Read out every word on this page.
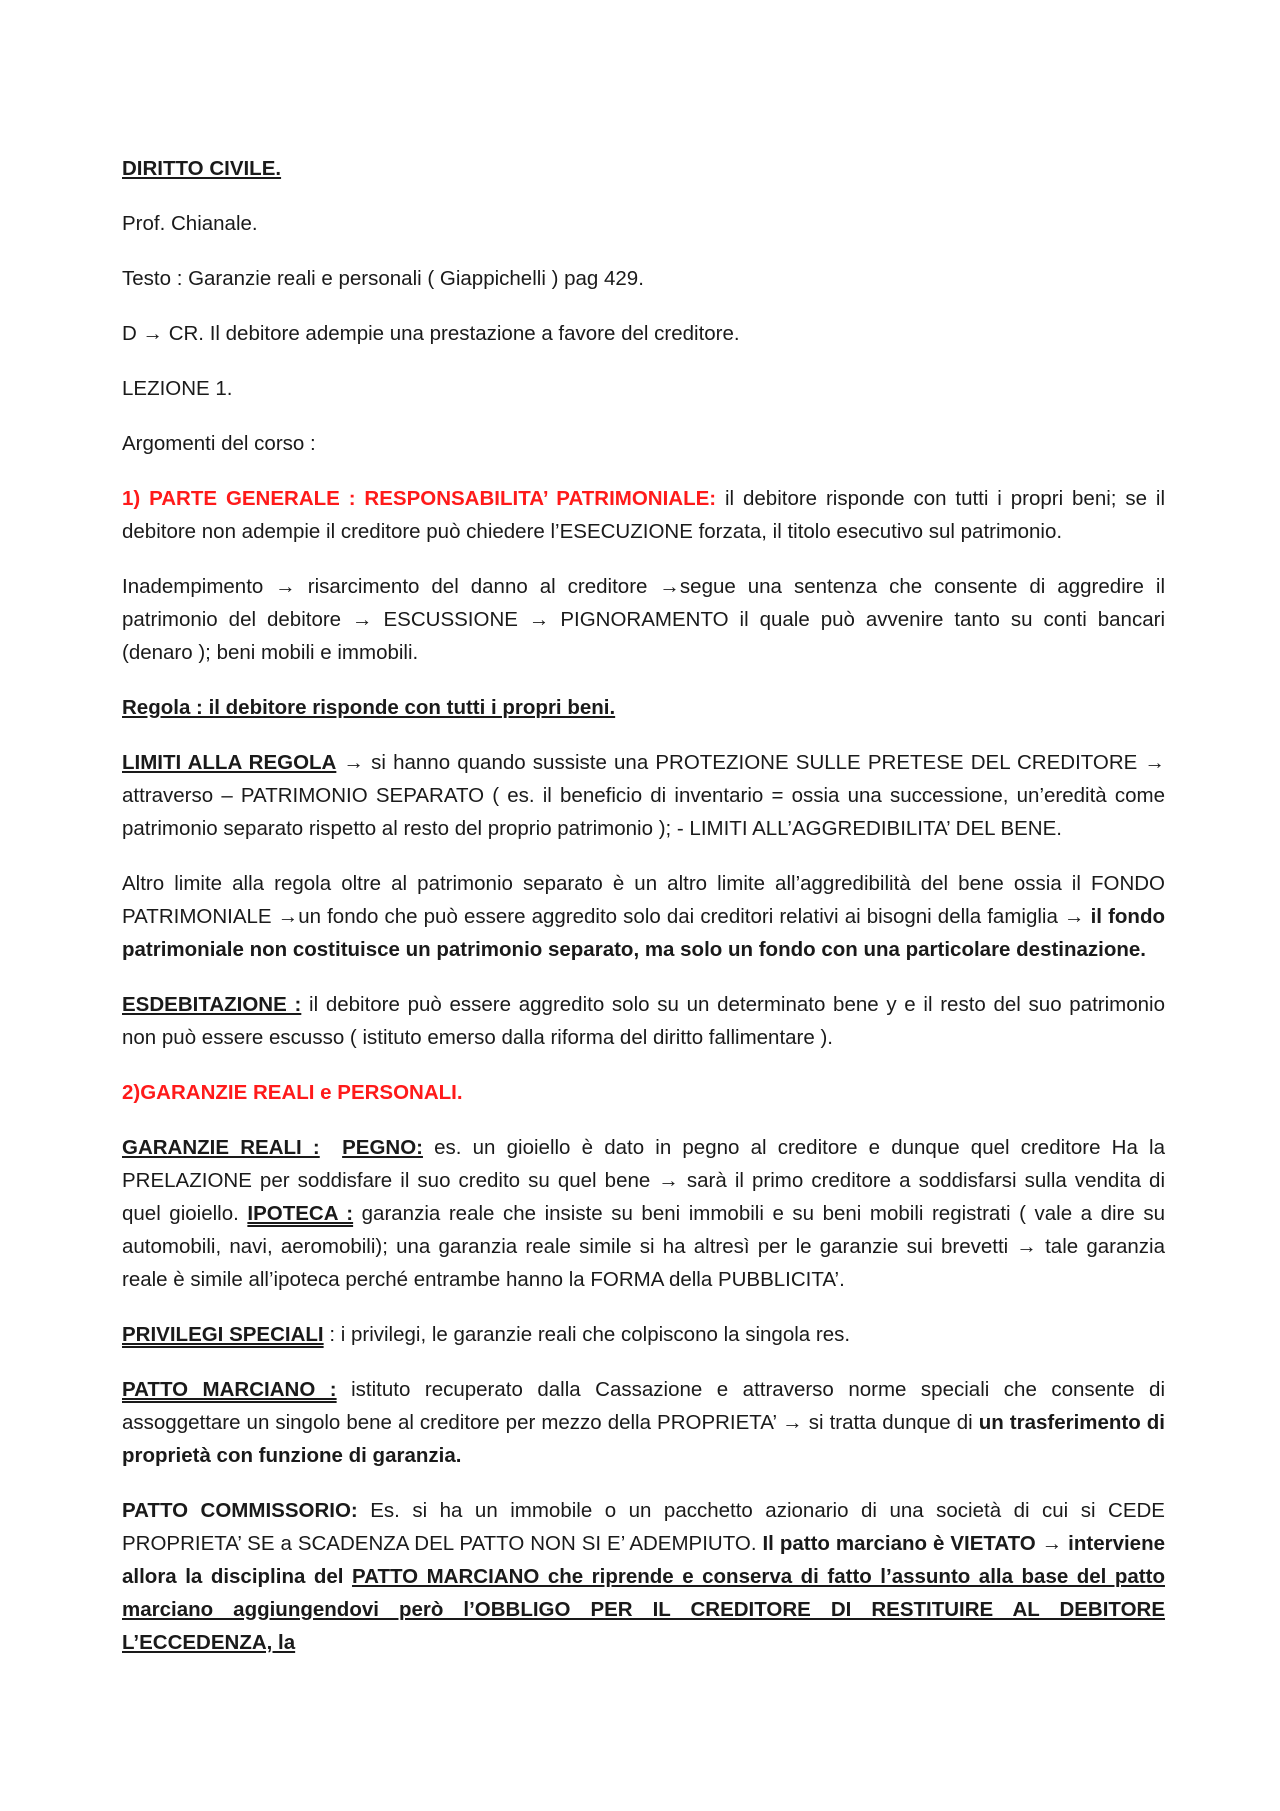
DIRITTO CIVILE.

Prof. Chianale.

Testo : Garanzie reali e personali ( Giappichelli ) pag 429.

D → CR. Il debitore adempie una prestazione a favore del creditore.

LEZIONE 1.

Argomenti del corso :

1) PARTE GENERALE : RESPONSABILITA’ PATRIMONIALE: il debitore risponde con tutti i propri beni; se il debitore non adempie il creditore può chiedere l’ESECUZIONE forzata, il titolo esecutivo sul patrimonio.

Inadempimento → risarcimento del danno al creditore →segue una sentenza che consente di aggredire il patrimonio del debitore → ESCUSSIONE → PIGNORAMENTO il quale può avvenire tanto su conti bancari (denaro ); beni mobili e immobili.

Regola : il debitore risponde con tutti i propri beni.

LIMITI ALLA REGOLA → si hanno quando sussiste una PROTEZIONE SULLE PRETESE DEL CREDITORE → attraverso – PATRIMONIO SEPARATO ( es. il beneficio di inventario = ossia una successione, un’eredità come patrimonio separato rispetto al resto del proprio patrimonio ); - LIMITI ALL’AGGREDIBILITA’ DEL BENE.

Altro limite alla regola oltre al patrimonio separato è un altro limite all’aggredibilità del bene ossia il FONDO PATRIMONIALE →un fondo che può essere aggredito solo dai creditori relativi ai bisogni della famiglia → il fondo patrimoniale non costituisce un patrimonio separato, ma solo un fondo con una particolare destinazione.

ESDEBITAZIONE : il debitore può essere aggredito solo su un determinato bene y e il resto del suo patrimonio non può essere escusso ( istituto emerso dalla riforma del diritto fallimentare ).

2)GARANZIE REALI e PERSONALI.

GARANZIE REALI : PEGNO: es. un gioiello è dato in pegno al creditore e dunque quel creditore Ha la PRELAZIONE per soddisfare il suo credito su quel bene → sarà il primo creditore a soddisfarsi sulla vendita di quel gioiello. IPOTECA : garanzia reale che insiste su beni immobili e su beni mobili registrati ( vale a dire su automobili, navi, aeromobili); una garanzia reale simile si ha altresì per le garanzie sui brevetti → tale garanzia reale è simile all’ipoteca perché entrambe hanno la FORMA della PUBBLICITA’.

PRIVILEGI SPECIALI : i privilegi, le garanzie reali che colpiscono la singola res.

PATTO MARCIANO : istituto recuperato dalla Cassazione e attraverso norme speciali che consente di assoggettare un singolo bene al creditore per mezzo della PROPRIETA’ → si tratta dunque di un trasferimento di proprietà con funzione di garanzia.

PATTO COMMISSORIO: Es. si ha un immobile o un pacchetto azionario di una società di cui si CEDE PROPRIETA’ SE a SCADENZA DEL PATTO NON SI E’ ADEMPIUTO. Il patto marciano è VIETATO → interviene allora la disciplina del PATTO MARCIANO che riprende e conserva di fatto l’assunto alla base del patto marciano aggiungendovi però l’OBBLIGO PER IL CREDITORE DI RESTITUIRE AL DEBITORE L’ECCEDENZA, la
